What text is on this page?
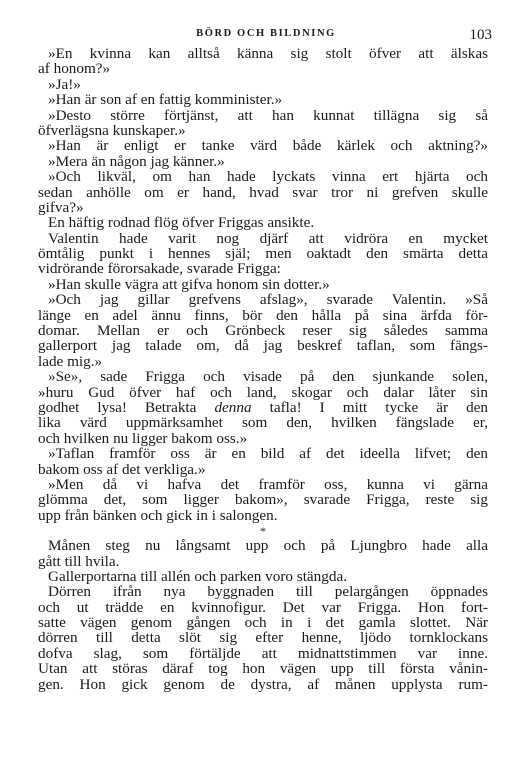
BÖRD OCH BILDNING	103
»En kvinna kan alltså känna sig stolt öfver att älskas
af honom?»
»Ja!»
»Han är son af en fattig komminister.»
»Desto större förtjänst, att han kunnat tillägna sig så
öfverlägsna kunskaper.»
»Han är enligt er tanke värd både kärlek och aktning?»
»Mera än någon jag känner.»
»Och likväl, om han hade lyckats vinna ert hjärta och
sedan anhölle om er hand, hvad svar tror ni grefven skulle
gifva?»
En häftig rodnad flög öfver Friggas ansikte.
Valentin hade varit nog djärf att vidröra en mycket
ömtålig punkt i hennes själ; men oaktadt den smärta detta
vidrörande förorsakade, svarade Frigga:
»Han skulle vägra att gifva honom sin dotter.»
»Och jag gillar grefvens afslag», svarade Valentin. »Så
länge en adel ännu finns, bör den hålla på sina ärfda för-
domar. Mellan er och Grönbeck reser sig således samma
gallerport jag talade om, då jag beskref taflan, som fängs-
lade mig.»
»Se», sade Frigga och visade på den sjunkande solen,
»huru Gud öfver haf och land, skogar och dalar låter sin
godhet lysa! Betrakta denna tafla! I mitt tycke är den
lika värd uppmärksamhet som den, hvilken fängslade er,
och hvilken nu ligger bakom oss.»
»Taflan framför oss är en bild af det ideella lifvet; den
bakom oss af det verkliga.»
»Men då vi hafva det framför oss, kunna vi gärna
glömma det, som ligger bakom», svarade Frigga, reste sig
upp från bänken och gick in i salongen.
*
Månen steg nu långsamt upp och på Ljungbro hade alla
gått till hvila.
Gallerportarna till allén och parken voro stängda.
Dörren ifrån nya byggnaden till pelargången öppnades
och ut trädde en kvinnofigur. Det var Frigga. Hon fort-
satte vägen genom gången och in i det gamla slottet. När
dörren till detta slöt sig efter henne, ljödo tornklockans
dofva slag, som förtäljde att midnattstimmen var inne.
Utan att störas däraf tog hon vägen upp till första vånin-
gen. Hon gick genom de dystra, af månen upplysta rum-
